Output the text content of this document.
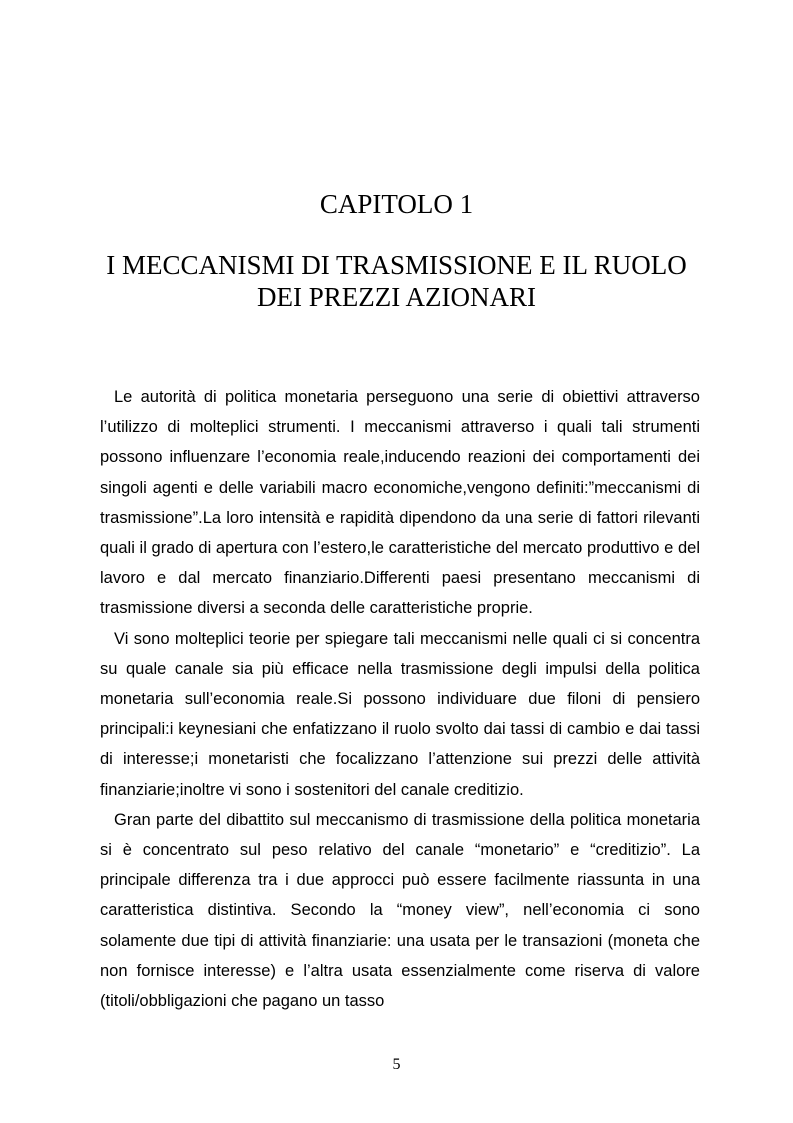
CAPITOLO 1
I MECCANISMI DI TRASMISSIONE E IL RUOLO
DEI PREZZI AZIONARI

Le autorità di politica monetaria perseguono una serie di obiettivi attraverso l’utilizzo di molteplici strumenti. I meccanismi attraverso i quali tali strumenti possono influenzare l’economia reale,inducendo reazioni dei comportamenti dei singoli agenti e delle variabili macro economiche,vengono definiti:”meccanismi di trasmissione”.La loro intensità e rapidità dipendono da una serie di fattori rilevanti quali il grado di apertura con l’estero,le caratteristiche del mercato produttivo e del lavoro e dal mercato finanziario.Differenti paesi presentano meccanismi di trasmissione diversi a seconda delle caratteristiche proprie.

Vi sono molteplici teorie per spiegare tali meccanismi nelle quali ci si concentra su quale canale sia più efficace nella trasmissione degli impulsi della politica monetaria sull’economia reale.Si possono individuare due filoni di pensiero principali:i keynesiani che enfatizzano il ruolo svolto dai tassi di cambio e dai tassi di interesse;i monetaristi che focalizzano l’attenzione sui prezzi delle attività finanziarie;inoltre vi sono i sostenitori del canale creditizio.

Gran parte del dibattito sul meccanismo di trasmissione della politica monetaria si è concentrato sul peso relativo del canale “monetario” e “creditizio”. La principale differenza tra i due approcci può essere facilmente riassunta in una caratteristica distintiva. Secondo la “money view”, nell’economia ci sono solamente due tipi di attività finanziarie: una usata per le transazioni (moneta che non fornisce interesse) e l’altra usata essenzialmente come riserva di valore (titoli/obbligazioni che pagano un tasso

5
